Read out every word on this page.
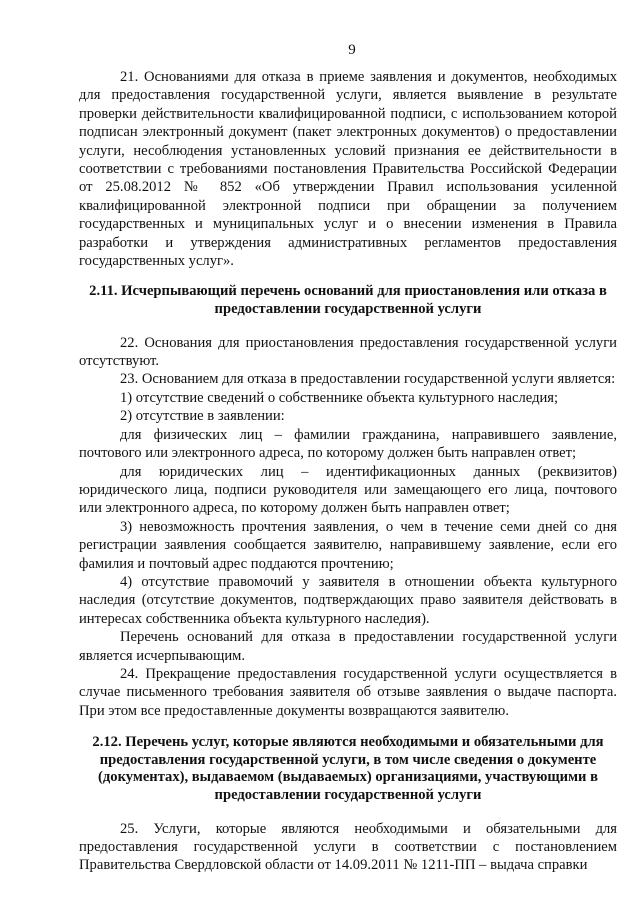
9

21. Основаниями для отказа в приеме заявления и документов, необходимых для предоставления государственной услуги, является выявление в результате проверки действительности квалифицированной подписи, с использованием которой подписан электронный документ (пакет электронных документов) о предоставлении услуги, несоблюдения установленных условий признания ее действительности в соответствии с требованиями постановления Правительства Российской Федерации от 25.08.2012 № 852 «Об утверждении Правил использования усиленной квалифицированной электронной подписи при обращении за получением государственных и муниципальных услуг и о внесении изменения в Правила разработки и утверждения административных регламентов предоставления государственных услуг».

2.11. Исчерпывающий перечень оснований для приостановления или отказа в предоставлении государственной услуги

22. Основания для приостановления предоставления государственной услуги отсутствуют.

23. Основанием для отказа в предоставлении государственной услуги является:

1) отсутствие сведений о собственнике объекта культурного наследия;

2) отсутствие в заявлении:

для физических лиц – фамилии гражданина, направившего заявление, почтового или электронного адреса, по которому должен быть направлен ответ;

для юридических лиц – идентификационных данных (реквизитов) юридического лица, подписи руководителя или замещающего его лица, почтового или электронного адреса, по которому должен быть направлен ответ;

3) невозможность прочтения заявления, о чем в течение семи дней со дня регистрации заявления сообщается заявителю, направившему заявление, если его фамилия и почтовый адрес поддаются прочтению;

4) отсутствие правомочий у заявителя в отношении объекта культурного наследия (отсутствие документов, подтверждающих право заявителя действовать в интересах собственника объекта культурного наследия).

Перечень оснований для отказа в предоставлении государственной услуги является исчерпывающим.

24. Прекращение предоставления государственной услуги осуществляется в случае письменного требования заявителя об отзыве заявления о выдаче паспорта. При этом все предоставленные документы возвращаются заявителю.

2.12. Перечень услуг, которые являются необходимыми и обязательными для предоставления государственной услуги, в том числе сведения о документе (документах), выдаваемом (выдаваемых) организациями, участвующими в предоставлении государственной услуги

25. Услуги, которые являются необходимыми и обязательными для предоставления государственной услуги в соответствии с постановлением Правительства Свердловской области от 14.09.2011 № 1211-ПП – выдача справки
